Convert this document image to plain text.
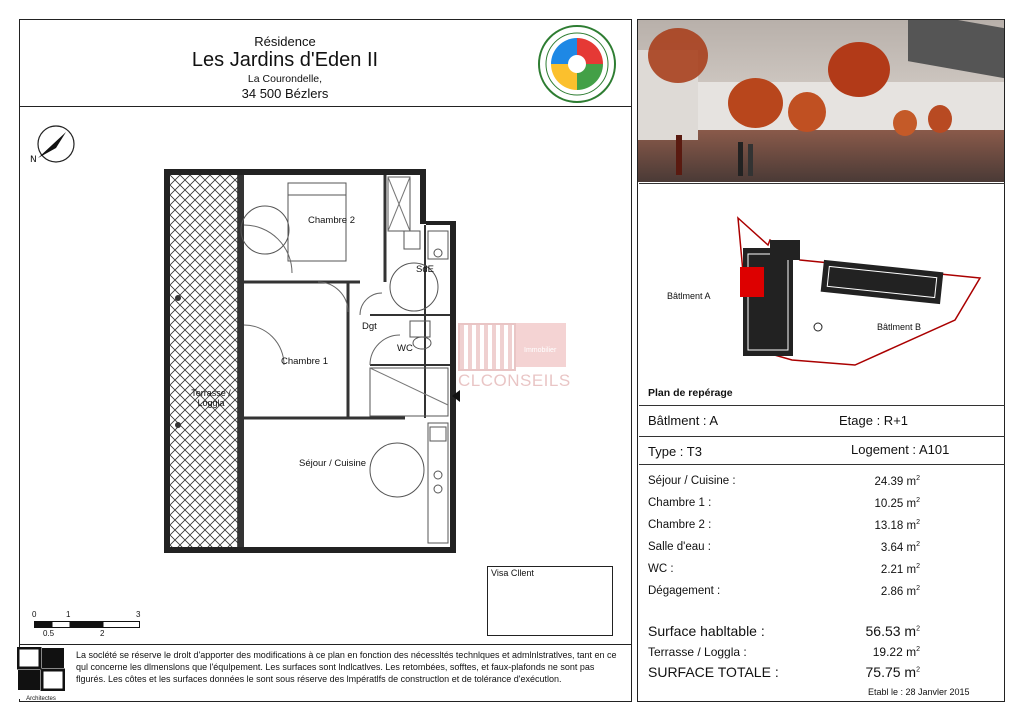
Résidence
Les Jardins d'Eden II
La Courondelle,
34 500 Bézlers
N
Chambre 2
SdE
Dgt
WC
Chambre 1
Terrasse / Loggla
Séjour / Cuisine
Immobilier
CLCONSEILS
0	1	3
0.5	2
Visa Cllent
Architectes
La soclété se réserve le drolt d'apporter des modifications à ce plan en fonction des nécessltés technlques et admlnlstratlves, tant en ce qul concerne les dlmenslons que l'équlpement. Les surfaces sont lndlcatlves. Les retombées, sofftes, et faux-plafonds ne sont pas flgurés. Les côtes et les surfaces données le sont sous réserve des lmpératlfs de constructlon et de tolérance d'exécutlon.
Bâtlment A
Bâtlment B
Plan de repérage
Bâtlment : A	Etage : R+1
Type : T3	Logement : A101
Séjour / Cuisine :	24.39 $m^2$
Chambre 1 :	10.25 $m^2$
Chambre 2 :	13.18 $m^2$
Salle d'eau :	3.64 $m^2$
WC :	2.21 $m^2$
Dégagement :	2.86 $m^2$
Surface habltable :	56.53 $m^2$
Terrasse / Loggla :	19.22 $m^2$
SURFACE TOTALE :	75.75 $m^2$
Etabl le : 28 Janvler 2015
